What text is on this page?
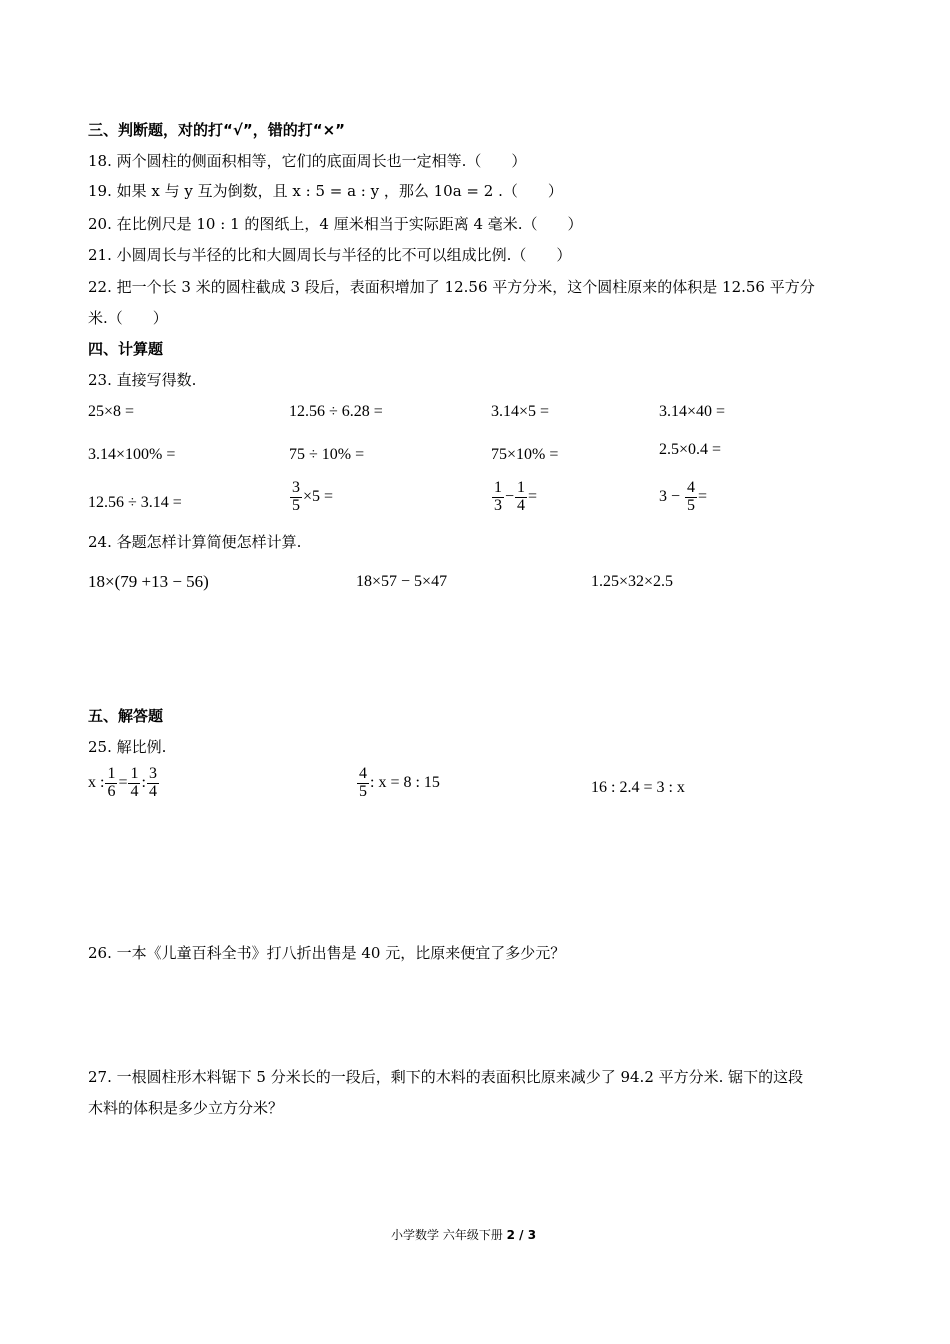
三、判断题，对的打“√”，错的打“×”
18. 两个圆柱的侧面积相等，它们的底面周长也一定相等.（　　）
19. 如果 x 与 y 互为倒数，且 x : 5 = a : y ，那么 10a = 2 .（　　）
20. 在比例尺是 10 : 1 的图纸上，4 厘米相当于实际距离 4 毫米.（　　）
21. 小圆周长与半径的比和大圆周长与半径的比不可以组成比例.（　　）
22. 把一个长 3 米的圆柱截成 3 段后，表面积增加了 12.56 平方分米，这个圆柱原来的体积是 12.56 平方分
米.（　　）
四、计算题
23. 直接写得数.
25×8 =	12.56 ÷ 6.28 =	3.14×5 =	3.14×40 =
3.14×100% =	75 ÷ 10% =	75×10% =	2.5×0.4 =
12.56 ÷ 3.14 =	$\frac{3}{5} \times 5$ =	$\frac{1}{3} - \frac{1}{4}$ =	$3 - \frac{4}{5}$ =
24. 各题怎样计算简便怎样计算.
18×(79 +13 − 56)	18×57 − 5×47	1.25×32×2.5
五、解答题
25. 解比例.
x : $\frac{1}{6} = \frac{1}{4}$ : $\frac{3}{4}$	$\frac{4}{5}$ : x = 8 : 15	16 : 2.4 = 3 : x
26. 一本《儿童百科全书》打八折出售是 40 元，比原来便宜了多少元？
27. 一根圆柱形木料锯下 5 分米长的一段后，剩下的木料的表面积比原来减少了 94.2 平方分米. 锯下的这段
木料的体积是多少立方分米？
小学数学 六年级下册 2 / 3
